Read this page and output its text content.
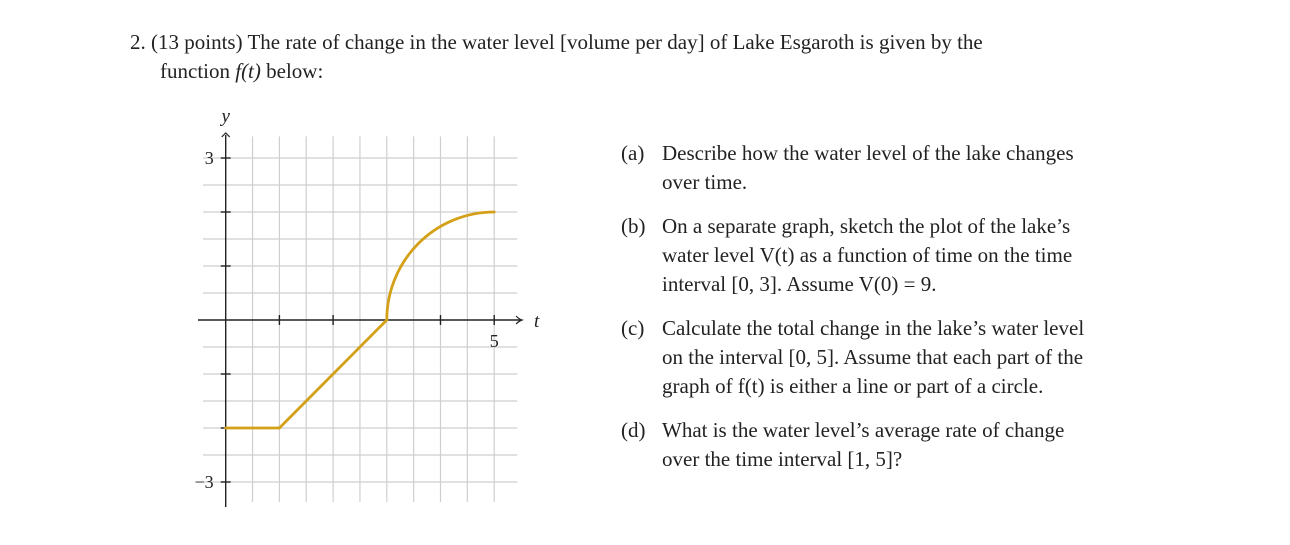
2. (13 points) The rate of change in the water level [volume per day] of Lake Esgaroth is given by the
function f(t) below:
5
3
−3
t
y
(a) Describe how the water level of the lake changes
over time.
(b) On a separate graph, sketch the plot of the lake’s
water level V(t) as a function of time on the time
interval [0, 3]. Assume V(0) = 9.
(c) Calculate the total change in the lake’s water level
on the interval [0, 5]. Assume that each part of the
graph of f(t) is either a line or part of a circle.
(d) What is the water level’s average rate of change
over the time interval [1, 5]?
